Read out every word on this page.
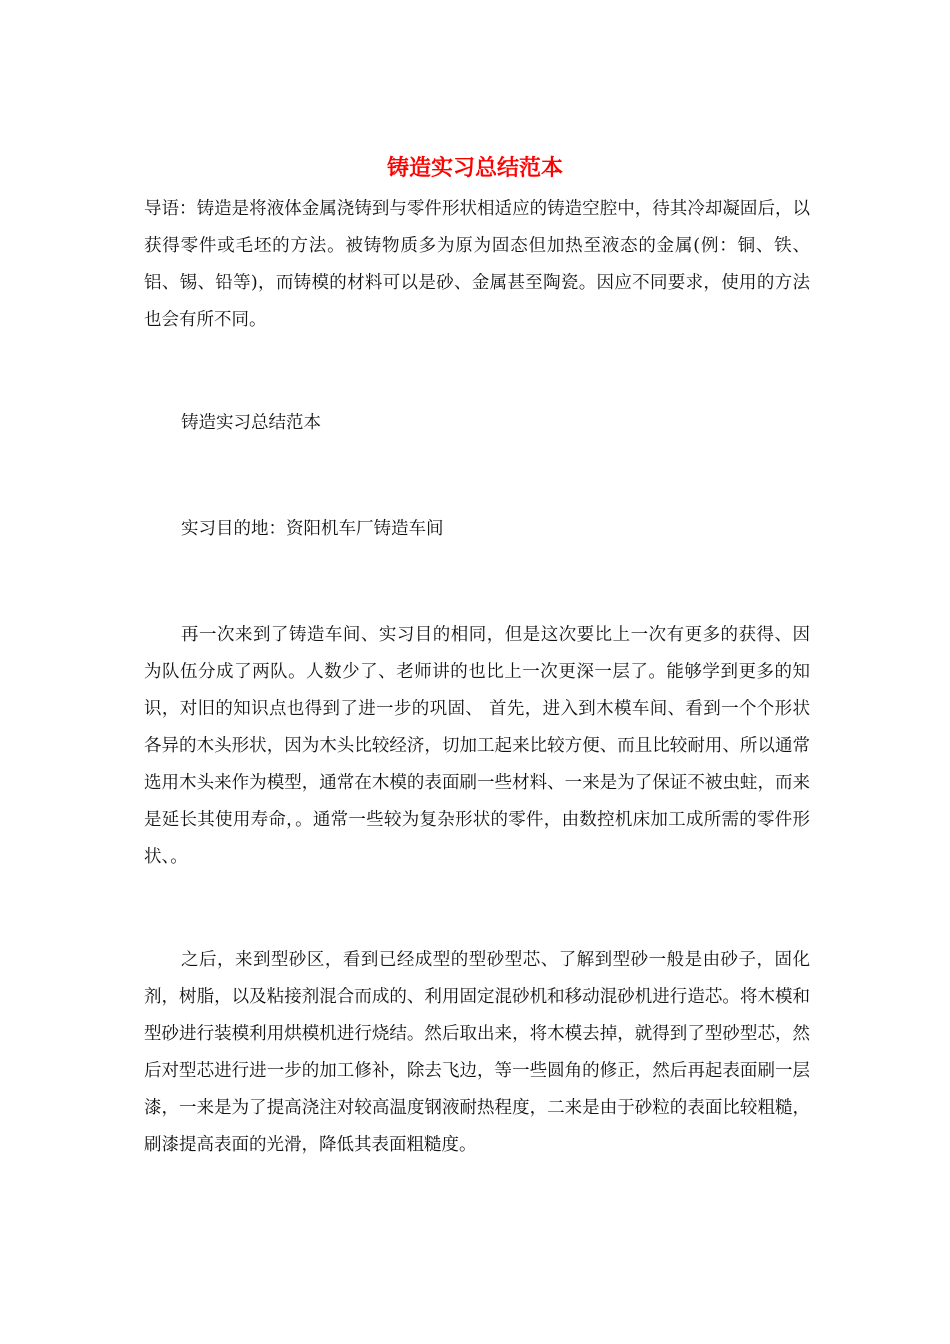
铸造实习总结范本

导语：铸造是将液体金属浇铸到与零件形状相适应的铸造空腔中，待其冷却凝固后，以获得零件或毛坯的方法。被铸物质多为原为固态但加热至液态的金属(例：铜、铁、铝、锡、铅等)，而铸模的材料可以是砂、金属甚至陶瓷。因应不同要求，使用的方法也会有所不同。

铸造实习总结范本

实习目的地：资阳机车厂铸造车间

再一次来到了铸造车间、实习目的相同，但是这次要比上一次有更多的获得、因为队伍分成了两队。人数少了、老师讲的也比上一次更深一层了。能够学到更多的知识，对旧的知识点也得到了进一步的巩固、 首先，进入到木模车间、看到一个个形状各异的木头形状，因为木头比较经济，切加工起来比较方便、而且比较耐用、所以通常选用木头来作为模型，通常在木模的表面刷一些材料、一来是为了保证不被虫蛀，而来是延长其使用寿命，。通常一些较为复杂形状的零件，由数控机床加工成所需的零件形状、。

之后，来到型砂区，看到已经成型的型砂型芯、了解到型砂一般是由砂子，固化剂，树脂，以及粘接剂混合而成的、利用固定混砂机和移动混砂机进行造芯。将木模和型砂进行装模利用烘模机进行烧结。然后取出来，将木模去掉，就得到了型砂型芯，然后对型芯进行进一步的加工修补，除去飞边，等一些圆角的修正，然后再起表面刷一层漆，一来是为了提高浇注对较高温度钢液耐热程度，二来是由于砂粒的表面比较粗糙，刷漆提高表面的光滑，降低其表面粗糙度。
